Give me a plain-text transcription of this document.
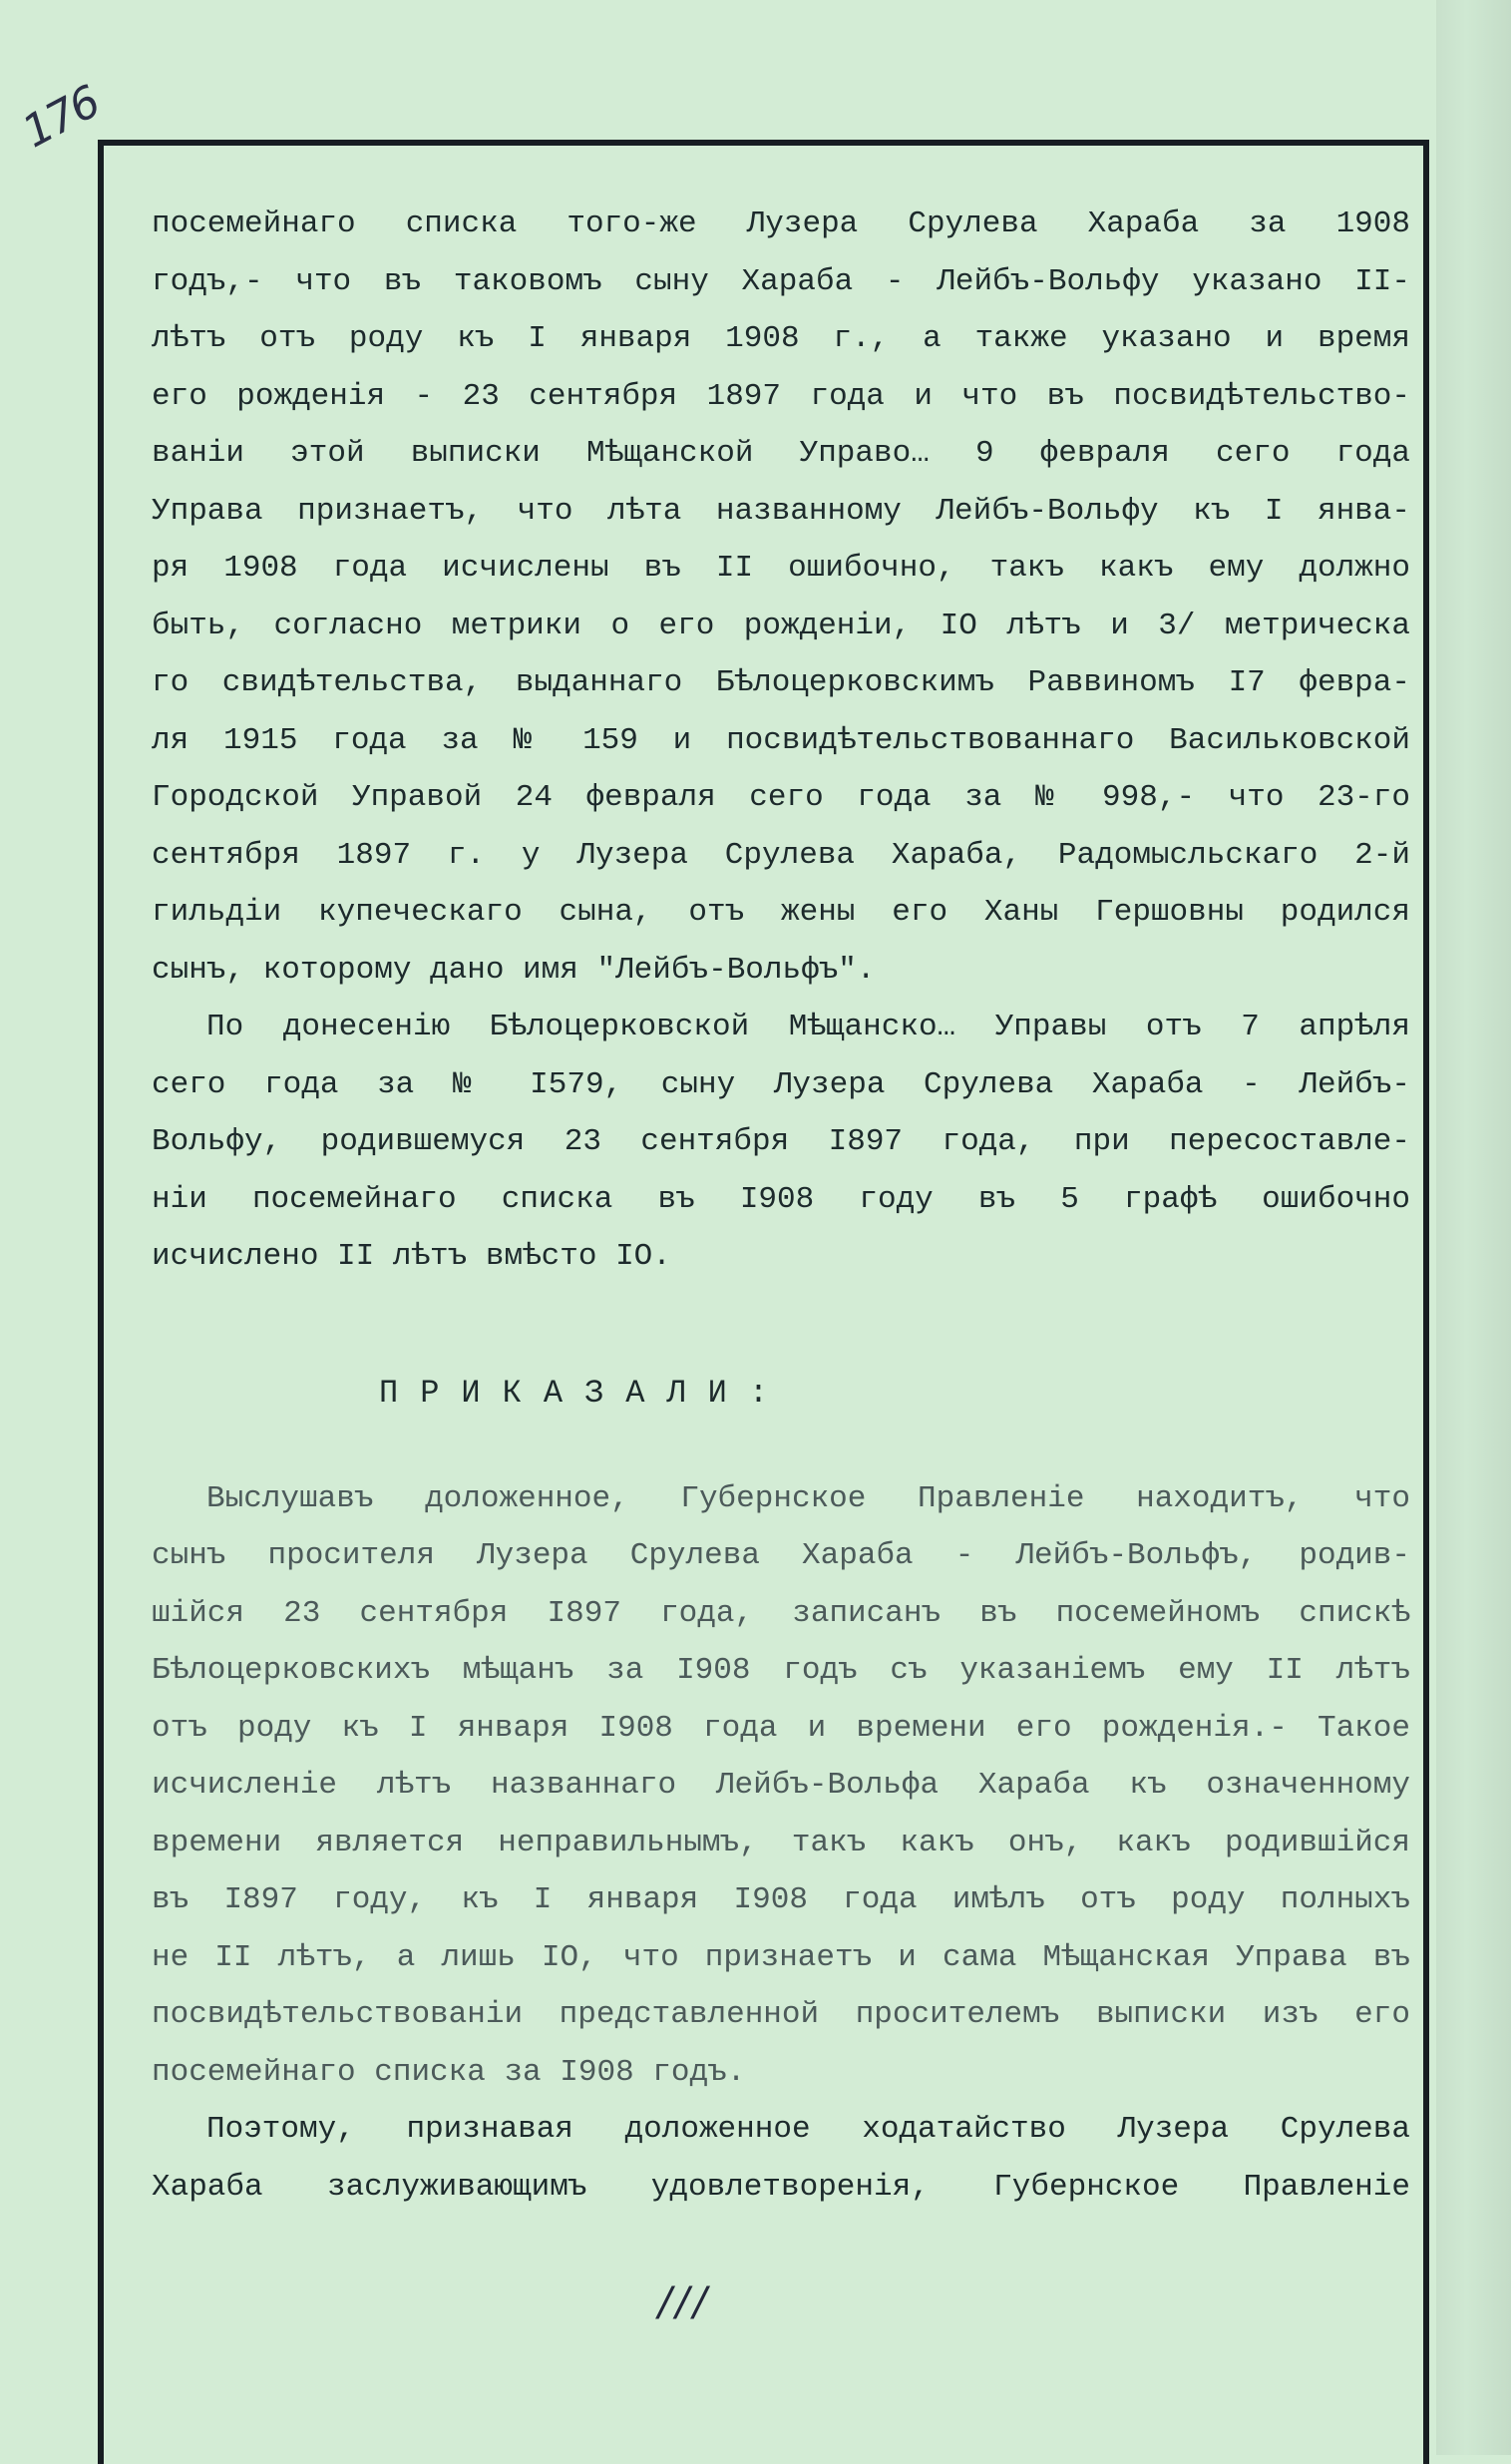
176
посемейнаго списка того-же Лузера Срулева Хараба за 1908
годъ,- что въ таковомъ сыну Хараба - Лейбъ-Вольфу указано II-
лѣтъ отъ роду къ I января 1908 г., а также указано и время
его рожденія - 23 сентября 1897 года и что въ посвидѣтельство-
ваніи этой выписки Мѣщанской Управо… 9 февраля сего года
Управа признаетъ, что лѣта названному Лейбъ-Вольфу къ I янва-
ря 1908 года исчислены въ II ошибочно, такъ какъ ему должно
быть, согласно метрики о его рожденіи, IO лѣтъ и 3/ метрическа
го свидѣтельства, выданнаго Бѣлоцерковскимъ Раввиномъ I7 февра-
ля 1915 года за № 159 и посвидѣтельствованнаго Васильковской
Городской Управой 24 февраля сего года за № 998,- что 23-го
сентября 1897 г. у Лузера Срулева Хараба, Радомысльскаго 2-й
гильдіи купеческаго сына, отъ жены его Ханы Гершовны родился
сынъ, которому дано имя "Лейбъ-Вольфъ".
По донесенію Бѣлоцерковской Мѣщанско… Управы отъ 7 апрѣля
сего года за № I579, сыну Лузера Срулева Хараба - Лейбъ-
Вольфу, родившемуся 23 сентября I897 года, при пересоставле-
ніи посемейнаго списка въ I908 году въ 5 графѣ ошибочно
исчислено II лѣтъ вмѣсто IO.
ПРИКАЗАЛИ:
Выслушавъ доложенное, Губернское Правленіе находитъ, что
сынъ просителя Лузера Срулева Хараба - Лейбъ-Вольфъ, родив-
шійся 23 сентября I897 года, записанъ въ посемейномъ спискѣ
Бѣлоцерковскихъ мѣщанъ за I908 годъ съ указаніемъ ему II лѣтъ
отъ роду къ I января I908 года и времени его рожденія.- Такое
исчисленіе лѣтъ названнаго Лейбъ-Вольфа Хараба къ означенному
времени является неправильнымъ, такъ какъ онъ, какъ родившійся
въ I897 году, къ I января I908 года имѣлъ отъ роду полныхъ
не II лѣтъ, а лишь IO, что признаетъ и сама Мѣщанская Управа въ
посвидѣтельствованіи представленной просителемъ выписки изъ его
посемейнаго списка за I908 годъ.
Поэтому, признавая доложенное ходатайство Лузера Срулева
Хараба заслуживающимъ удовлетворенія, Губернское Правленіе
///
